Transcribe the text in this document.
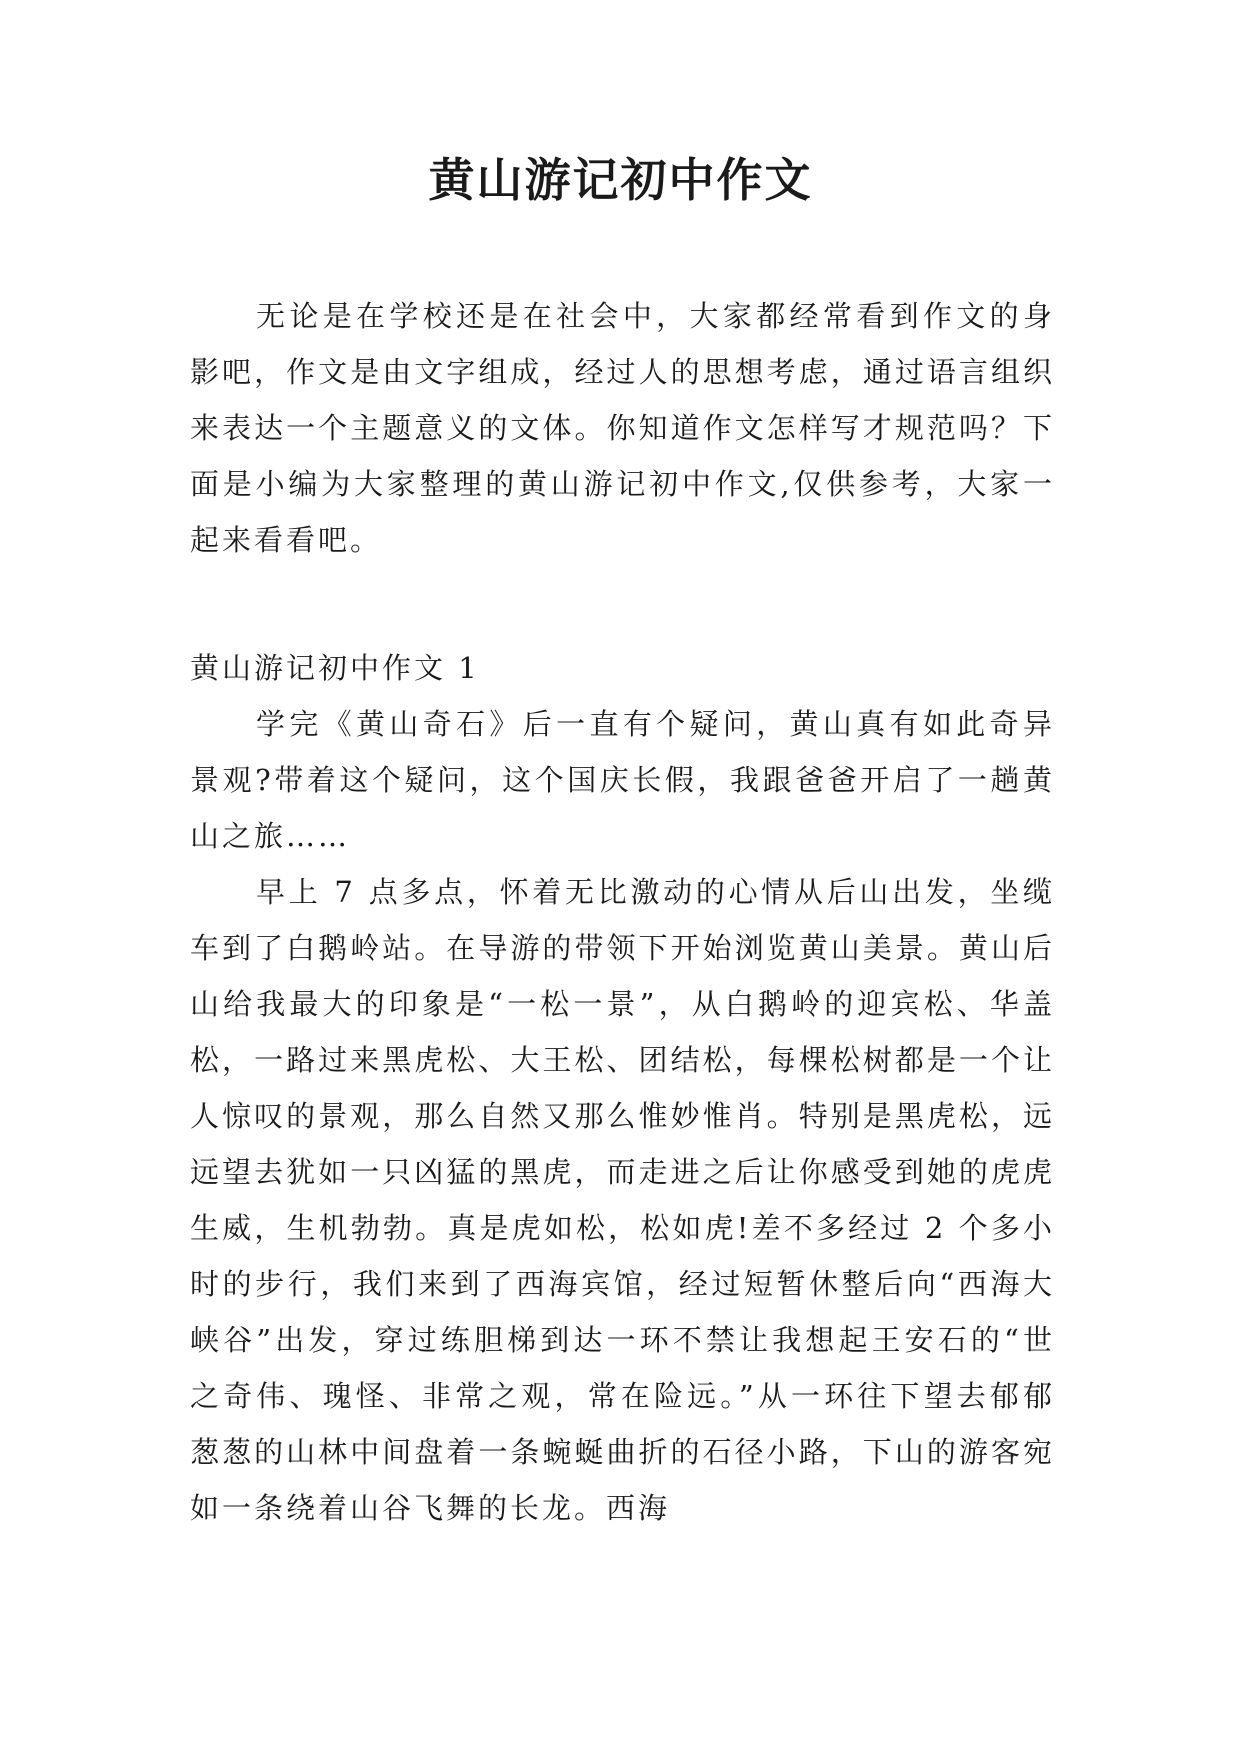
黄山游记初中作文

无论是在学校还是在社会中，大家都经常看到作文的身影吧，作文是由文字组成，经过人的思想考虑，通过语言组织来表达一个主题意义的文体。你知道作文怎样写才规范吗？下面是小编为大家整理的黄山游记初中作文,仅供参考，大家一起来看看吧。

黄山游记初中作文 1

学完《黄山奇石》后一直有个疑问，黄山真有如此奇异景观?带着这个疑问，这个国庆长假，我跟爸爸开启了一趟黄山之旅……

早上 7 点多点，怀着无比激动的心情从后山出发，坐缆车到了白鹅岭站。在导游的带领下开始浏览黄山美景。黄山后山给我最大的印象是“一松一景”，从白鹅岭的迎宾松、华盖松，一路过来黑虎松、大王松、团结松，每棵松树都是一个让人惊叹的景观，那么自然又那么惟妙惟肖。特别是黑虎松，远远望去犹如一只凶猛的黑虎，而走进之后让你感受到她的虎虎生威，生机勃勃。真是虎如松，松如虎!差不多经过 2 个多小时的步行，我们来到了西海宾馆，经过短暂休整后向“西海大峡谷”出发，穿过练胆梯到达一环不禁让我想起王安石的“世之奇伟、瑰怪、非常之观，常在险远。”从一环往下望去郁郁葱葱的山林中间盘着一条蜿蜒曲折的石径小路，下山的游客宛如一条绕着山谷飞舞的长龙。西海
